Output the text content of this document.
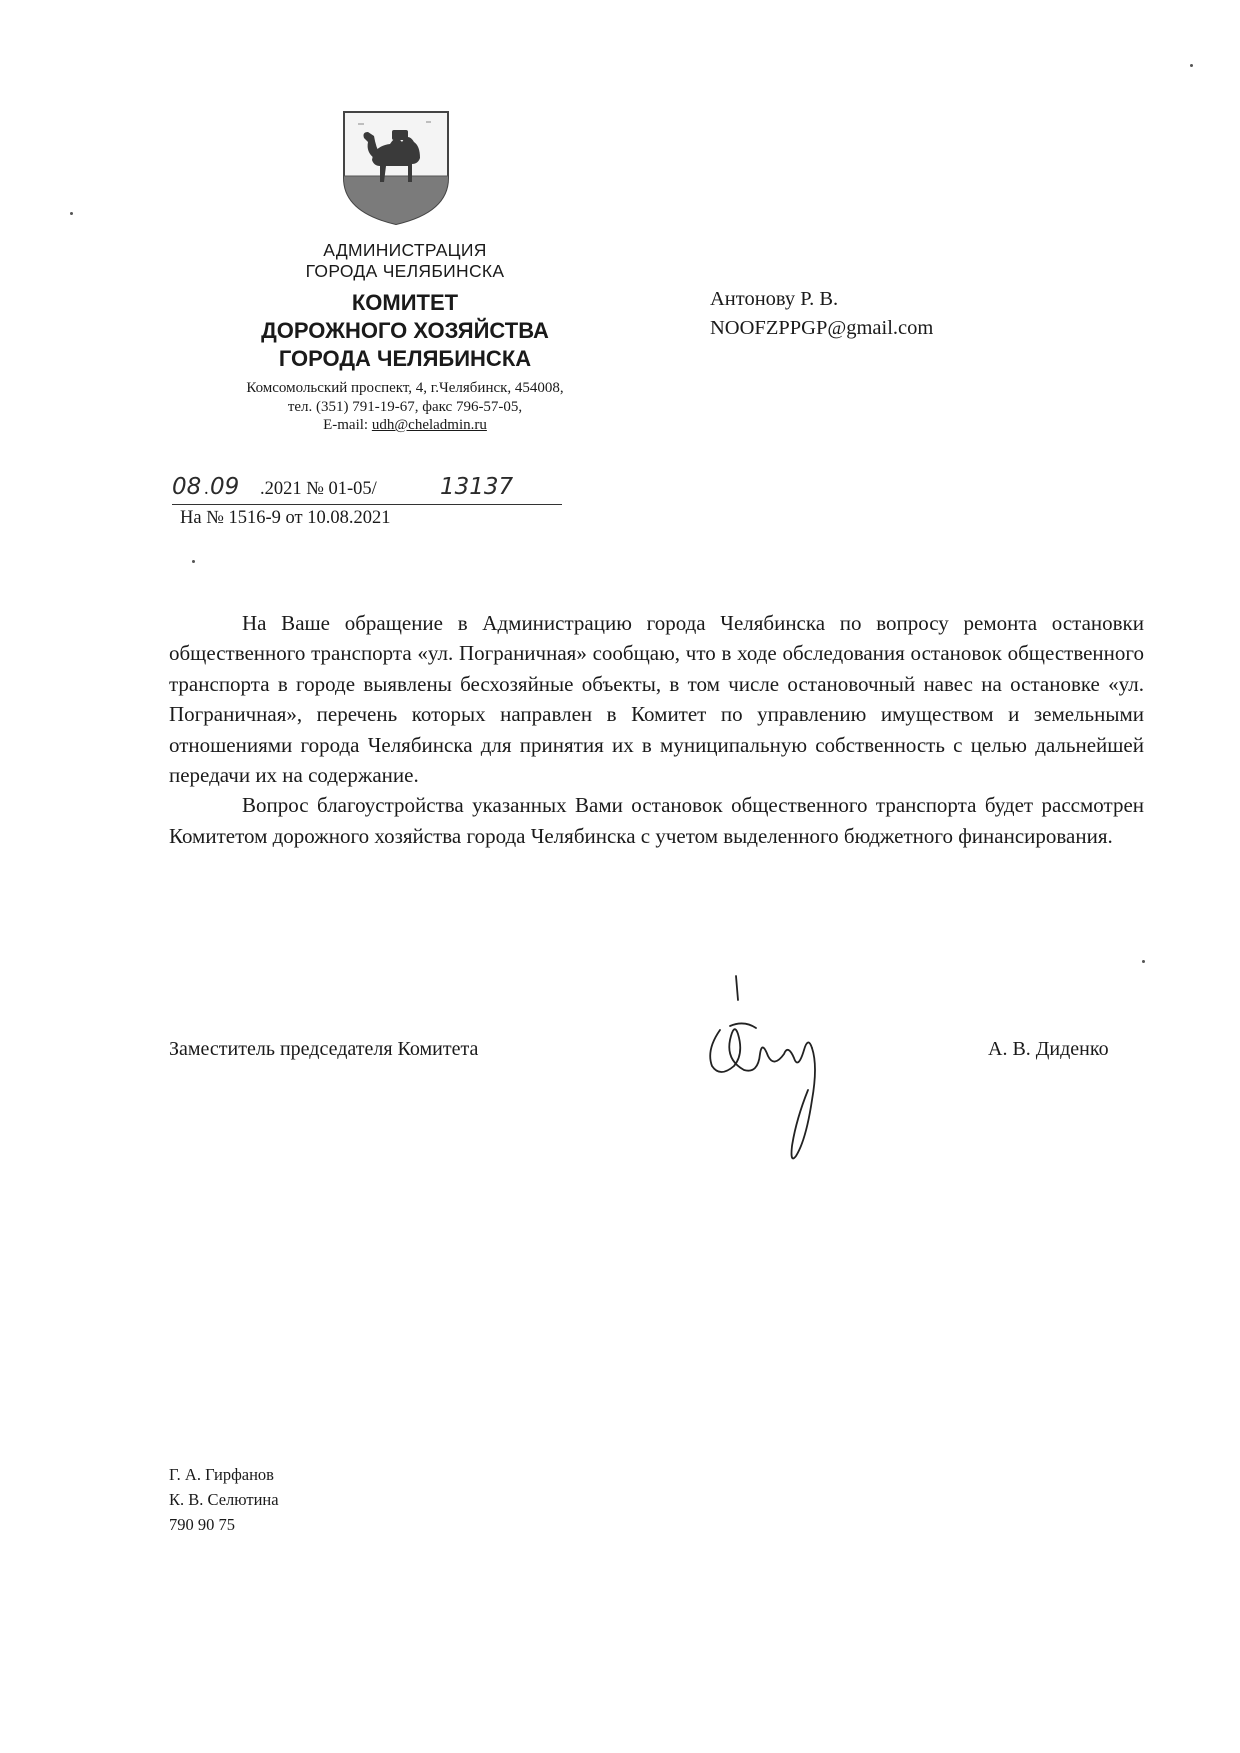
АДМИНИСТРАЦИЯ
ГОРОДА ЧЕЛЯБИНСКА
КОМИТЕТ
ДОРОЖНОГО ХОЗЯЙСТВА
ГОРОДА ЧЕЛЯБИНСКА
Комсомольский проспект, 4, г.Челябинск, 454008,
тел. (351) 791-19-67, факс 796-57-05,
E-mail: udh@cheladmin.ru
08 . 09 .2021 № 01-05/	13137
На № 1516-9 от 10.08.2021
Антонову Р. В.
NOOFZPPGP@gmail.com

На Ваше обращение в Администрацию города Челябинска по вопросу ремонта остановки общественного транспорта «ул. Пограничная» сообщаю, что в ходе обследования остановок общественного транспорта в городе выявлены бесхозяйные объекты, в том числе остановочный навес на остановке «ул. Пограничная», перечень которых направлен в Комитет по управлению имуществом и земельными отношениями города Челябинска для принятия их в муниципальную собственность с целью дальнейшей передачи их на содержание.

Вопрос благоустройства указанных Вами остановок общественного транспорта будет рассмотрен Комитетом дорожного хозяйства города Челябинска с учетом выделенного бюджетного финансирования.

Заместитель председателя Комитета	А. В. Диденко
Г. А. Гирфанов
К. В. Селютина
790 90 75
